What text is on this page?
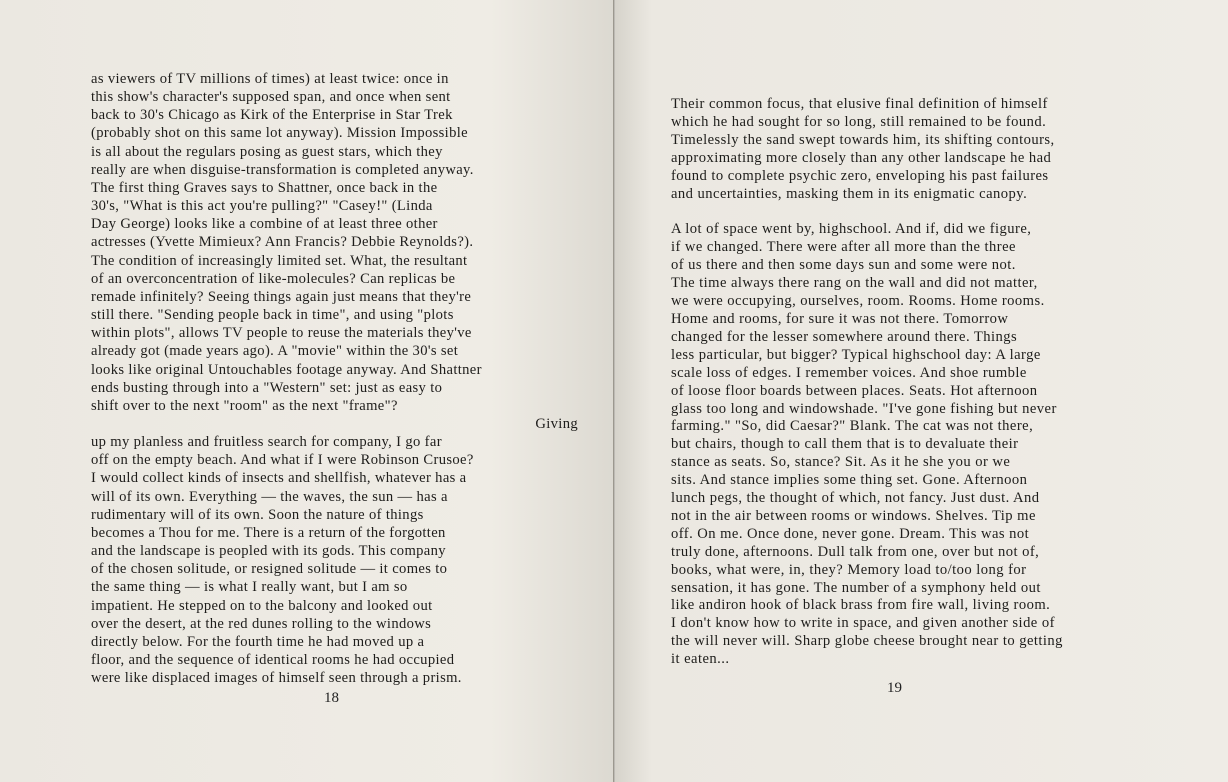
as viewers of TV millions of times) at least twice: once in
this show's character's supposed span, and once when sent
back to 30's Chicago as Kirk of the Enterprise in Star Trek
(probably shot on this same lot anyway). Mission Impossible
is all about the regulars posing as guest stars, which they
really are when disguise-transformation is completed anyway.
The first thing Graves says to Shattner, once back in the
30's, "What is this act you're pulling?" "Casey!" (Linda
Day George) looks like a combine of at least three other
actresses (Yvette Mimieux? Ann Francis? Debbie Reynolds?).
The condition of increasingly limited set. What, the resultant
of an overconcentration of like-molecules? Can replicas be
remade infinitely? Seeing things again just means that they're
still there. "Sending people back in time", and using "plots
within plots", allows TV people to reuse the materials they've
already got (made years ago). A "movie" within the 30's set
looks like original Untouchables footage anyway. And Shattner
ends busting through into a "Western" set: just as easy to
shift over to the next "room" as the next "frame"?
Giving
up my planless and fruitless search for company, I go far
off on the empty beach. And what if I were Robinson Crusoe?
I would collect kinds of insects and shellfish, whatever has a
will of its own. Everything — the waves, the sun — has a
rudimentary will of its own. Soon the nature of things
becomes a Thou for me. There is a return of the forgotten
and the landscape is peopled with its gods. This company
of the chosen solitude, or resigned solitude — it comes to
the same thing — is what I really want, but I am so
impatient. He stepped on to the balcony and looked out
over the desert, at the red dunes rolling to the windows
directly below. For the fourth time he had moved up a
floor, and the sequence of identical rooms he had occupied
were like displaced images of himself seen through a prism.
18
Their common focus, that elusive final definition of himself
which he had sought for so long, still remained to be found.
Timelessly the sand swept towards him, its shifting contours,
approximating more closely than any other landscape he had
found to complete psychic zero, enveloping his past failures
and uncertainties, masking them in its enigmatic canopy.
A lot of space went by, highschool. And if, did we figure,
if we changed. There were after all more than the three
of us there and then some days sun and some were not.
The time always there rang on the wall and did not matter,
we were occupying, ourselves, room. Rooms. Home rooms.
Home and rooms, for sure it was not there. Tomorrow
changed for the lesser somewhere around there. Things
less particular, but bigger? Typical highschool day: A large
scale loss of edges. I remember voices. And shoe rumble
of loose floor boards between places. Seats. Hot afternoon
glass too long and windowshade. "I've gone fishing but never
farming." "So, did Caesar?" Blank. The cat was not there,
but chairs, though to call them that is to devaluate their
stance as seats. So, stance? Sit. As it he she you or we
sits. And stance implies some thing set. Gone. Afternoon
lunch pegs, the thought of which, not fancy. Just dust. And
not in the air between rooms or windows. Shelves. Tip me
off. On me. Once done, never gone. Dream. This was not
truly done, afternoons. Dull talk from one, over but not of,
books, what were, in, they? Memory load to/too long for
sensation, it has gone. The number of a symphony held out
like andiron hook of black brass from fire wall, living room.
I don't know how to write in space, and given another side of
the will never will. Sharp globe cheese brought near to getting
it eaten...
19
